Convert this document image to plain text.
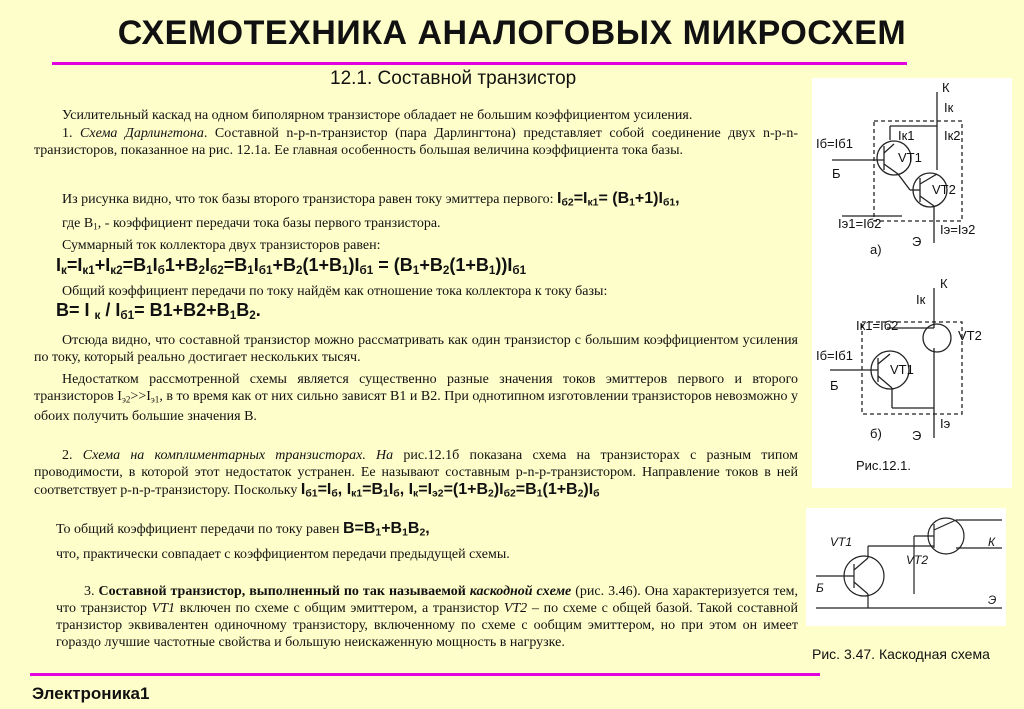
СХЕМОТЕХНИКА АНАЛОГОВЫХ МИКРОСХЕМ
12.1. Составной транзистор
Усилительный каскад на одном биполярном транзисторе обладает не большим коэффициентом усиления.
1. Схема Дарлингтона. Составной n-p-n-транзистор (пара Дарлингтона) представляет собой соединение двух n-p-n-транзисторов, показанное на рис. 12.1а. Ее главная особенность большая величина коэффициента тока базы.
Из рисунка видно, что ток базы второго транзистора равен току эмиттера первого: $I_{б2}=I_{к1}= (B_1+1)I_{б1}$,
где $B_1$, - коэффициент передачи тока базы первого транзистора.
Суммарный ток коллектора двух транзисторов равен:
$I_к=I_{к1}+I_{к2}=B_1I_б1+B_2I_{б2}=B_1I_{б1}+B_2(1+B_1)I_{б1} = (B_1+B_2(1+B_1))I_{б1}$
Общий коэффициент передачи по току найдём как отношение тока коллектора к току базы:
B= I $_к / I_{б1}= B1+B2+B_1B_2$.
Отсюда видно, что составной транзистор можно рассматривать как один транзистор с большим коэффициентом усиления по току, который реально достигает нескольких тысяч.
Недостатком рассмотренной схемы является существенно разные значения токов эмиттеров первого и второго транзисторов $I_{э2}>>I_{э1}$, в то время как от них сильно зависят B1 и B2. При однотипном изготовлении транзисторов невозможно у обоих получить большие значения B.
2. Схема на комплиментарных транзисторах. На рис.12.1б показана схема на транзисторах с разным типом проводимости, в которой этот недостаток устранен. Ее называют составным p-n-p-транзистором. Направление токов в ней соответствует p-n-p-транзистору. Поскольку $I_{б1}=I_б$, $I_{к1}=B_1I_б$, $I_к=I_{э2}=(1+B_2)I_{б2}=B_1(1+B_2)I_б$
То общий коэффициент передачи по току равен $B=B_1+B_1B_2$,
что, практически совпадает с коэффициентом передачи предыдущей схемы.
3. Составной транзистор, выполненный по так называемой каскодной схеме (рис. 3.46). Она характеризуется тем, что транзистор VT1 включен по схеме с общим эмиттером, а транзистор VT2 – по схеме с общей базой. Такой составной транзистор эквивалентен одиночному транзистору, включенному по схеме с ообщим эмиттером, но при этом он имеет гораздо лучшие частотные свойства и большую неискаженную мощность в нагрузке.
К
Iк
Iб=Iб1
Iк1 Iк2
VT1
VT2
Б
Iэ1=Iб2
Э
Iэ=Iэ2
а)
К
Iк
Iк1=Iб2
Iб=Iб1
VT1
VT2
Б
Э
Iэ
б)
Рис.12.1.
VT1
VT2
К
Б
Э
Рис. 3.47. Каскодная схема
Электроника1
